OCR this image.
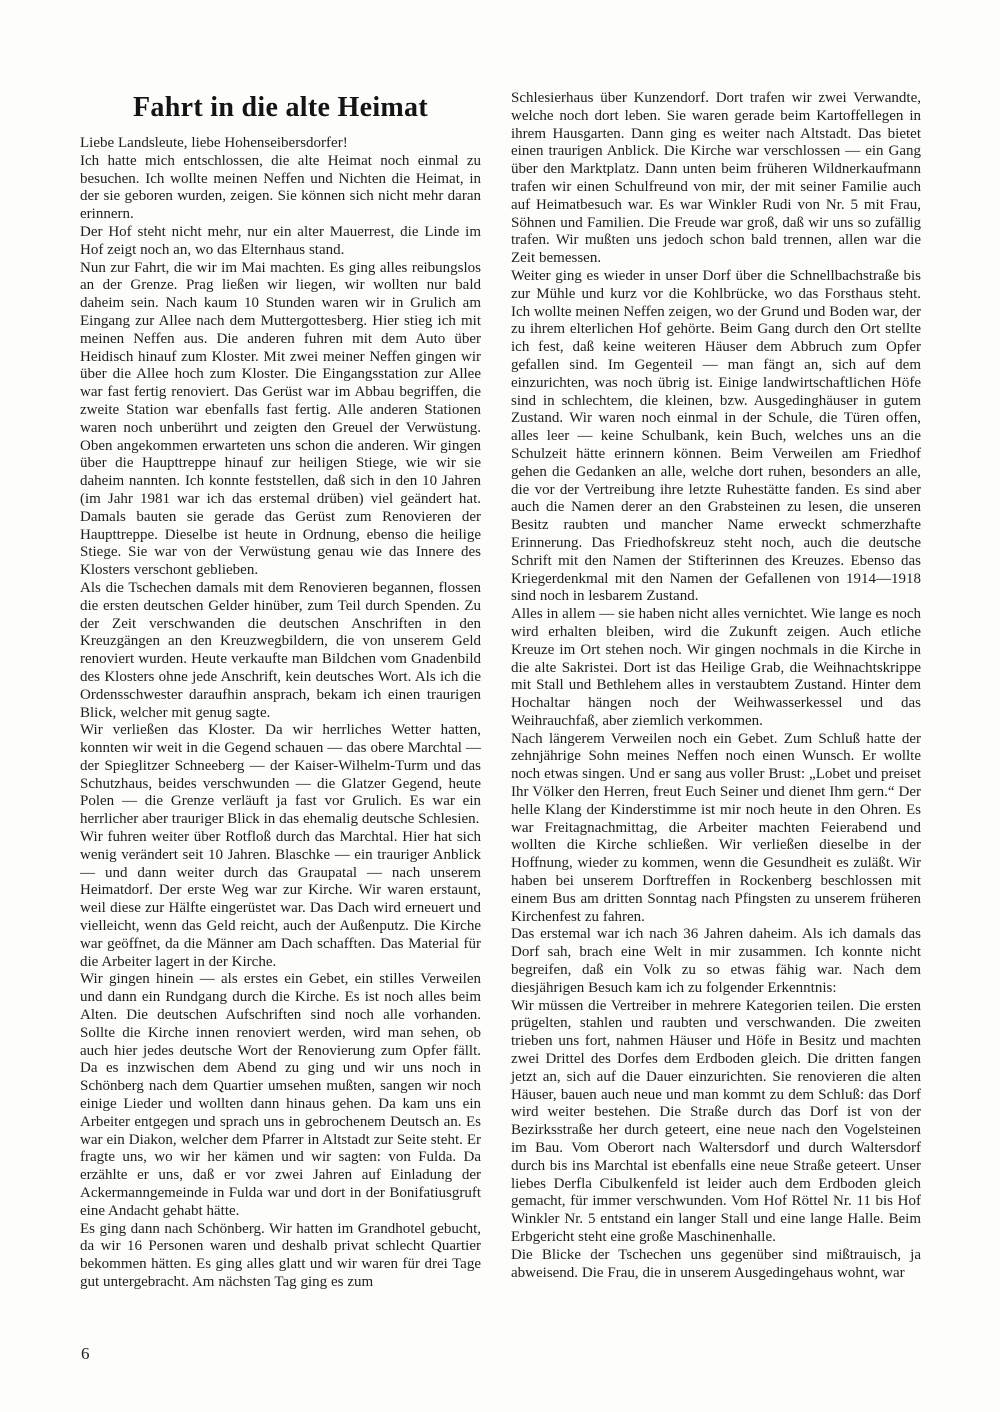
Fahrt in die alte Heimat

Liebe Landsleute, liebe Hohenseibersdorfer!

Ich hatte mich entschlossen, die alte Heimat noch einmal zu besuchen. Ich wollte meinen Neffen und Nichten die Heimat, in der sie geboren wurden, zeigen. Sie können sich nicht mehr daran erinnern.

Der Hof steht nicht mehr, nur ein alter Mauerrest, die Linde im Hof zeigt noch an, wo das Elternhaus stand.

Nun zur Fahrt, die wir im Mai machten. Es ging alles reibungslos an der Grenze. Prag ließen wir liegen, wir wollten nur bald daheim sein. Nach kaum 10 Stunden waren wir in Grulich am Eingang zur Allee nach dem Muttergottesberg. Hier stieg ich mit meinen Neffen aus. Die anderen fuhren mit dem Auto über Heidisch hinauf zum Kloster. Mit zwei meiner Neffen gingen wir über die Allee hoch zum Kloster. Die Eingangsstation zur Allee war fast fertig renoviert. Das Gerüst war im Abbau begriffen, die zweite Station war ebenfalls fast fertig. Alle anderen Stationen waren noch unberührt und zeigten den Greuel der Verwüstung. Oben angekommen erwarteten uns schon die anderen. Wir gingen über die Haupttreppe hinauf zur heiligen Stiege, wie wir sie daheim nannten. Ich konnte feststellen, daß sich in den 10 Jahren (im Jahr 1981 war ich das erstemal drüben) viel geändert hat. Damals bauten sie gerade das Gerüst zum Renovieren der Haupttreppe. Dieselbe ist heute in Ordnung, ebenso die heilige Stiege. Sie war von der Verwüstung genau wie das Innere des Klosters verschont geblieben.

Als die Tschechen damals mit dem Renovieren begannen, flossen die ersten deutschen Gelder hinüber, zum Teil durch Spenden. Zu der Zeit verschwanden die deutschen Anschriften in den Kreuzgängen an den Kreuzwegbildern, die von unserem Geld renoviert wurden. Heute verkaufte man Bildchen vom Gnadenbild des Klosters ohne jede Anschrift, kein deutsches Wort. Als ich die Ordensschwester daraufhin ansprach, bekam ich einen traurigen Blick, welcher mit genug sagte.

Wir verließen das Kloster. Da wir herrliches Wetter hatten, konnten wir weit in die Gegend schauen — das obere Marchtal — der Spieglitzer Schneeberg — der Kaiser-Wilhelm-Turm und das Schutzhaus, beides verschwunden — die Glatzer Gegend, heute Polen — die Grenze verläuft ja fast vor Grulich. Es war ein herrlicher aber trauriger Blick in das ehemalig deutsche Schlesien.

Wir fuhren weiter über Rotfloß durch das Marchtal. Hier hat sich wenig verändert seit 10 Jahren. Blaschke — ein trauriger Anblick — und dann weiter durch das Graupatal — nach unserem Heimatdorf. Der erste Weg war zur Kirche. Wir waren erstaunt, weil diese zur Hälfte eingerüstet war. Das Dach wird erneuert und vielleicht, wenn das Geld reicht, auch der Außenputz. Die Kirche war geöffnet, da die Männer am Dach schafften. Das Material für die Arbeiter lagert in der Kirche.

Wir gingen hinein — als erstes ein Gebet, ein stilles Verweilen und dann ein Rundgang durch die Kirche. Es ist noch alles beim Alten. Die deutschen Aufschriften sind noch alle vorhanden. Sollte die Kirche innen renoviert werden, wird man sehen, ob auch hier jedes deutsche Wort der Renovierung zum Opfer fällt. Da es inzwischen dem Abend zu ging und wir uns noch in Schönberg nach dem Quartier umsehen mußten, sangen wir noch einige Lieder und wollten dann hinaus gehen. Da kam uns ein Arbeiter entgegen und sprach uns in gebrochenem Deutsch an. Es war ein Diakon, welcher dem Pfarrer in Altstadt zur Seite steht. Er fragte uns, wo wir her kämen und wir sagten: von Fulda. Da erzählte er uns, daß er vor zwei Jahren auf Einladung der Ackermanngemeinde in Fulda war und dort in der Bonifatiusgruft eine Andacht gehabt hätte.

Es ging dann nach Schönberg. Wir hatten im Grandhotel gebucht, da wir 16 Personen waren und deshalb privat schlecht Quartier bekommen hätten. Es ging alles glatt und wir waren für drei Tage gut untergebracht. Am nächsten Tag ging es zum

Schlesierhaus über Kunzendorf. Dort trafen wir zwei Verwandte, welche noch dort leben. Sie waren gerade beim Kartoffellegen in ihrem Hausgarten. Dann ging es weiter nach Altstadt. Das bietet einen traurigen Anblick. Die Kirche war verschlossen — ein Gang über den Marktplatz. Dann unten beim früheren Wildnerkaufmann trafen wir einen Schulfreund von mir, der mit seiner Familie auch auf Heimatbesuch war. Es war Winkler Rudi von Nr. 5 mit Frau, Söhnen und Familien. Die Freude war groß, daß wir uns so zufällig trafen. Wir mußten uns jedoch schon bald trennen, allen war die Zeit bemessen.

Weiter ging es wieder in unser Dorf über die Schnellbachstraße bis zur Mühle und kurz vor die Kohlbrücke, wo das Forsthaus steht. Ich wollte meinen Neffen zeigen, wo der Grund und Boden war, der zu ihrem elterlichen Hof gehörte. Beim Gang durch den Ort stellte ich fest, daß keine weiteren Häuser dem Abbruch zum Opfer gefallen sind. Im Gegenteil — man fängt an, sich auf dem einzurichten, was noch übrig ist. Einige landwirtschaftlichen Höfe sind in schlechtem, die kleinen, bzw. Ausgedinghäuser in gutem Zustand. Wir waren noch einmal in der Schule, die Türen offen, alles leer — keine Schulbank, kein Buch, welches uns an die Schulzeit hätte erinnern können. Beim Verweilen am Friedhof gehen die Gedanken an alle, welche dort ruhen, besonders an alle, die vor der Vertreibung ihre letzte Ruhestätte fanden. Es sind aber auch die Namen derer an den Grabsteinen zu lesen, die unseren Besitz raubten und mancher Name erweckt schmerzhafte Erinnerung. Das Friedhofskreuz steht noch, auch die deutsche Schrift mit den Namen der Stifterinnen des Kreuzes. Ebenso das Kriegerdenkmal mit den Namen der Gefallenen von 1914—1918 sind noch in lesbarem Zustand.

Alles in allem — sie haben nicht alles vernichtet. Wie lange es noch wird erhalten bleiben, wird die Zukunft zeigen. Auch etliche Kreuze im Ort stehen noch. Wir gingen nochmals in die Kirche in die alte Sakristei. Dort ist das Heilige Grab, die Weihnachtskrippe mit Stall und Bethlehem alles in verstaubtem Zustand. Hinter dem Hochaltar hängen noch der Weihwasserkessel und das Weihrauchfaß, aber ziemlich verkommen.

Nach längerem Verweilen noch ein Gebet. Zum Schluß hatte der zehnjährige Sohn meines Neffen noch einen Wunsch. Er wollte noch etwas singen. Und er sang aus voller Brust: „Lobet und preiset Ihr Völker den Herren, freut Euch Seiner und dienet Ihm gern.“ Der helle Klang der Kinderstimme ist mir noch heute in den Ohren. Es war Freitagnachmittag, die Arbeiter machten Feierabend und wollten die Kirche schließen. Wir verließen dieselbe in der Hoffnung, wieder zu kommen, wenn die Gesundheit es zuläßt. Wir haben bei unserem Dorftreffen in Rockenberg beschlossen mit einem Bus am dritten Sonntag nach Pfingsten zu unserem früheren Kirchenfest zu fahren.

Das erstemal war ich nach 36 Jahren daheim. Als ich damals das Dorf sah, brach eine Welt in mir zusammen. Ich konnte nicht begreifen, daß ein Volk zu so etwas fähig war. Nach dem diesjährigen Besuch kam ich zu folgender Erkenntnis:

Wir müssen die Vertreiber in mehrere Kategorien teilen. Die ersten prügelten, stahlen und raubten und verschwanden. Die zweiten trieben uns fort, nahmen Häuser und Höfe in Besitz und machten zwei Drittel des Dorfes dem Erdboden gleich. Die dritten fangen jetzt an, sich auf die Dauer einzurichten. Sie renovieren die alten Häuser, bauen auch neue und man kommt zu dem Schluß: das Dorf wird weiter bestehen. Die Straße durch das Dorf ist von der Bezirksstraße her durch geteert, eine neue nach den Vogelsteinen im Bau. Vom Oberort nach Waltersdorf und durch Waltersdorf durch bis ins Marchtal ist ebenfalls eine neue Straße geteert. Unser liebes Derfla Cibulkenfeld ist leider auch dem Erdboden gleich gemacht, für immer verschwunden. Vom Hof Röttel Nr. 11 bis Hof Winkler Nr. 5 entstand ein langer Stall und eine lange Halle. Beim Erbgericht steht eine große Maschinenhalle.

Die Blicke der Tschechen uns gegenüber sind mißtrauisch, ja abweisend. Die Frau, die in unserem Ausgedingehaus wohnt, war

6
